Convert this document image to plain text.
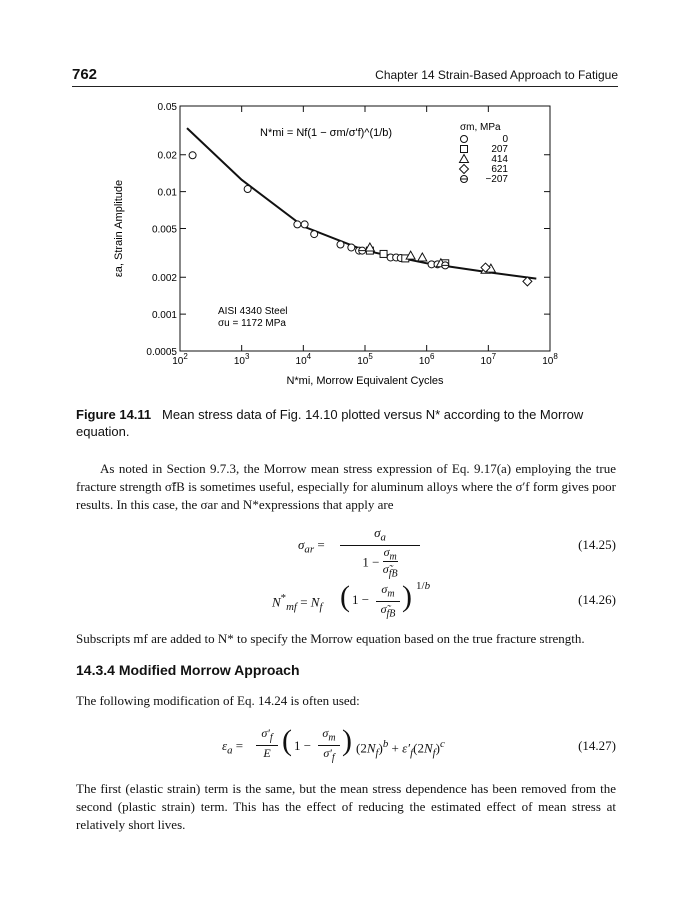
762	Chapter 14 Strain-Based Approach to Fatigue
$10^2$	$10^3$	$10^4$	$10^5$	$10^6$	$10^7$	$10^8$
0.0005
0.001
0.002
0.005
0.01
0.02
0.05
N*mi, Morrow Equivalent Cycles
εa, Strain Amplitude
σm, MPa
0
207
414
621
−207
N*mi = Nf(1 − σm/σ'f)^(1/b)
AISI 4340 Steel
σu = 1172 MPa
Figure 14.11 Mean stress data of Fig. 14.10 plotted versus N* according to the Morrow equation.
As noted in Section 9.7.3, the Morrow mean stress expression of Eq. 9.17(a) employing the true fracture strength σ̃fB is sometimes useful, especially for aluminum alloys where the σ′f form gives poor results. In this case, the σar and N*expressions that apply are
$\sigma_{ar}$ =
$\sigma_a$
$1 - \sigma_m$
$\sigmã_{fB}$
(14.25)
$N^*_{mf} = N_f$ ( 1 −
$\sigma_m$

$\sigmã_{fB}$
) 1/b
(14.26)
Subscripts mf are added to N* to specify the Morrow equation based on the true fracture strength.
14.3.4 Modified Morrow Approach
The following modification of Eq. 14.24 is often used:
$\varepsilon_a$ =
$\sigma'_f$

E ( 1 −
$\sigma_m$

$\sigma'_f$
) $(2N_f)^b + \varepsilon'_f(2N_f)^c$	(14.27)
The first (elastic strain) term is the same, but the mean stress dependence has been removed from the second (plastic strain) term. This has the effect of reducing the estimated effect of mean stress at relatively short lives.
